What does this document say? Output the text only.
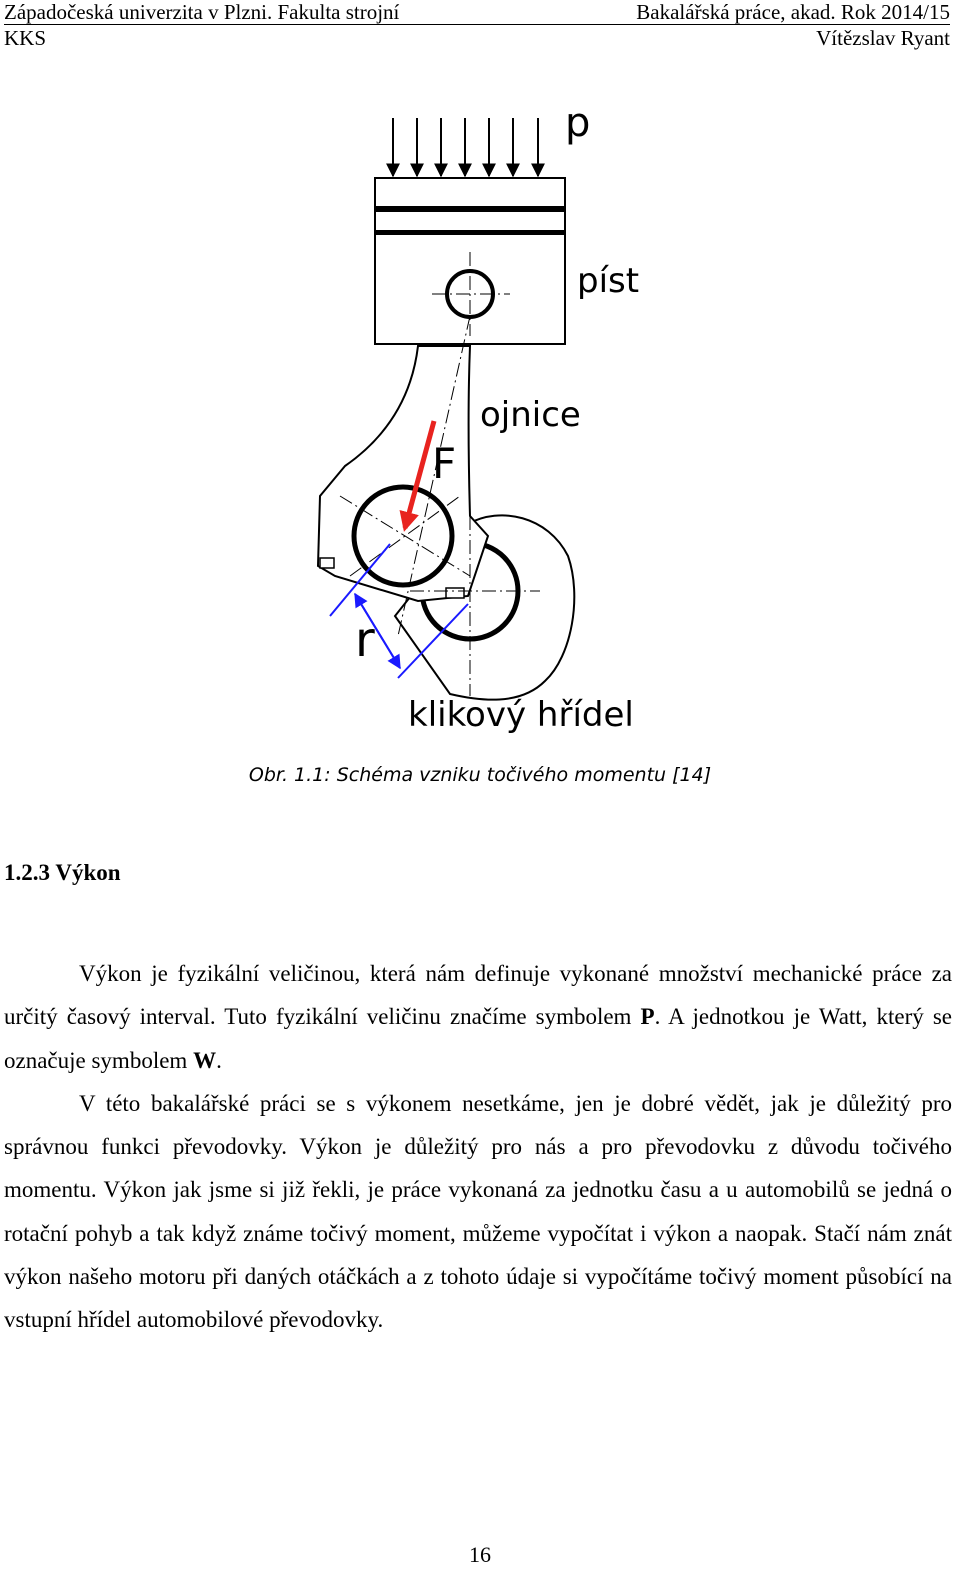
Západočeská univerzita v Plzni. Fakulta strojní	Bakalářská práce, akad. Rok 2014/15
KKS	Vítězslav Ryant
p
píst
ojnice
F
r
klikový hřídel
Obr. 1.1: Schéma vzniku točivého momentu [14]
1.2.3 Výkon

Výkon je fyzikální veličinou, která nám definuje vykonané množství mechanické práce za určitý časový interval. Tuto fyzikální veličinu značíme symbolem P. A jednotkou je Watt, který se označuje symbolem W.

V této bakalářské práci se s výkonem nesetkáme, jen je dobré vědět, jak je důležitý pro správnou funkci převodovky. Výkon je důležitý pro nás a pro převodovku z důvodu točivého momentu. Výkon jak jsme si již řekli, je práce vykonaná za jednotku času a u automobilů se jedná o rotační pohyb a tak když známe točivý moment, můžeme vypočítat i výkon a naopak. Stačí nám znát výkon našeho motoru při daných otáčkách a z tohoto údaje si vypočítáme točivý moment působící na vstupní hřídel automobilové převodovky.

16
